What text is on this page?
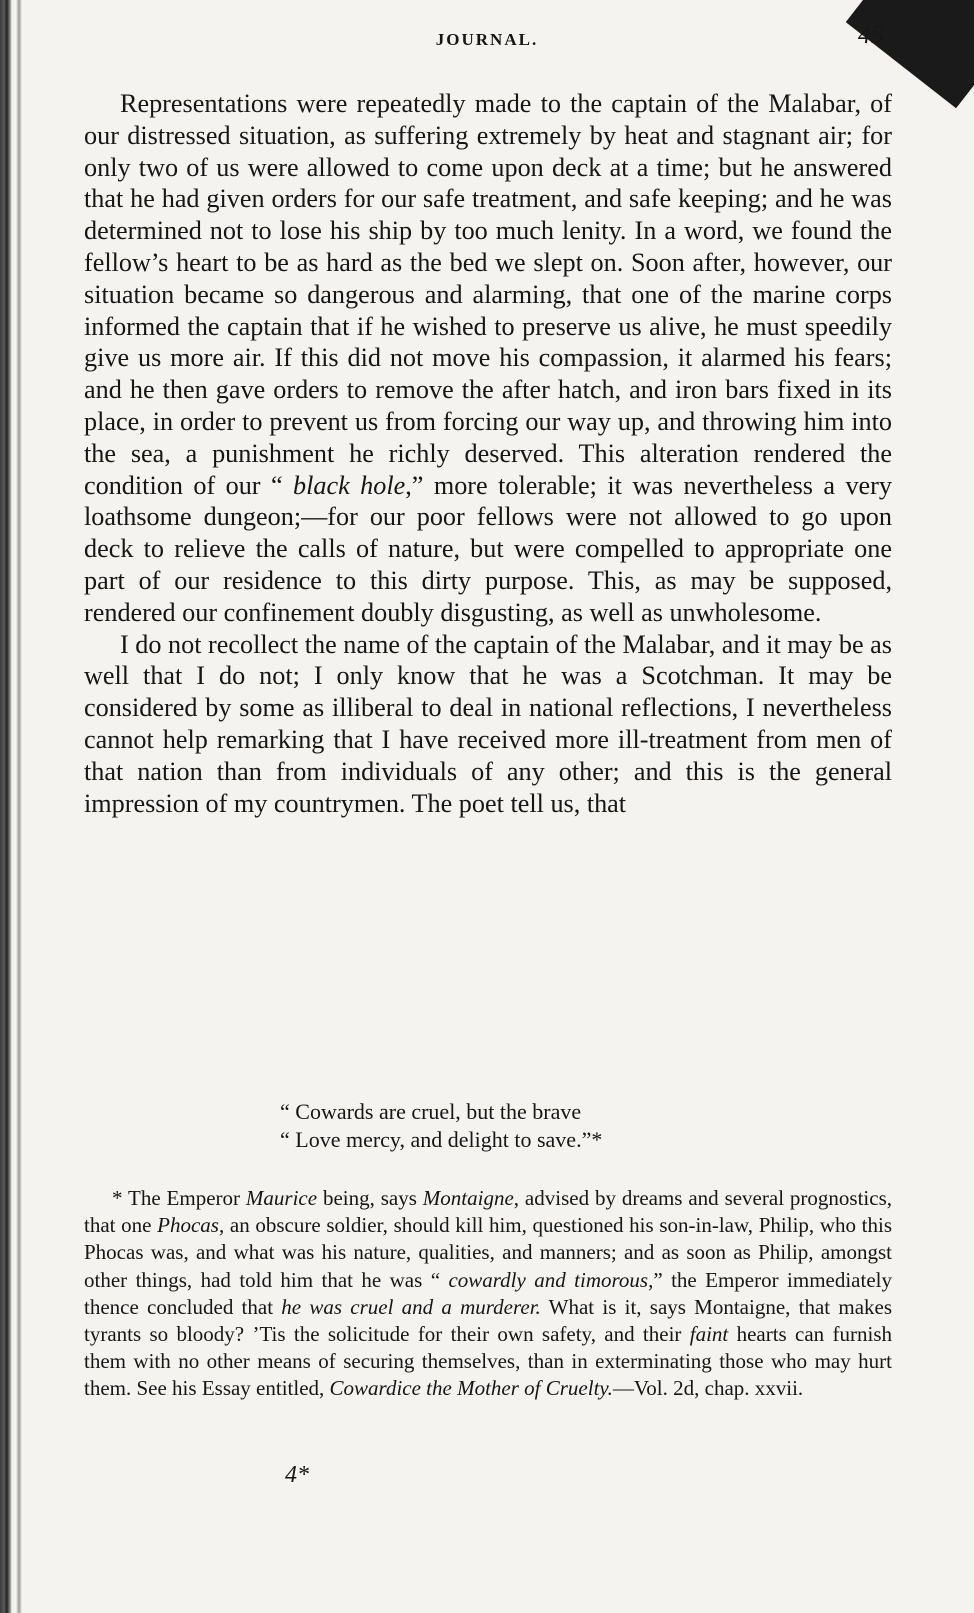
JOURNAL.	45

Representations were repeatedly made to the captain of the Malabar, of our distressed situation, as suffering extremely by heat and stagnant air; for only two of us were allowed to come upon deck at a time; but he answered that he had given orders for our safe treatment, and safe keeping; and he was determined not to lose his ship by too much lenity. In a word, we found the fellow’s heart to be as hard as the bed we slept on. Soon after, however, our situation became so dangerous and alarming, that one of the marine corps informed the captain that if he wished to preserve us alive, he must speedily give us more air. If this did not move his compassion, it alarmed his fears; and he then gave orders to remove the after hatch, and iron bars fixed in its place, in order to prevent us from forcing our way up, and throwing him into the sea, a punishment he richly deserved. This alteration rendered the condition of our “ black hole,” more tolerable; it was nevertheless a very loathsome dungeon;—for our poor fellows were not allowed to go upon deck to relieve the calls of nature, but were compelled to appropriate one part of our residence to this dirty purpose. This, as may be supposed, rendered our confinement doubly disgusting, as well as unwholesome.

I do not recollect the name of the captain of the Malabar, and it may be as well that I do not; I only know that he was a Scotchman. It may be considered by some as illiberal to deal in national reflections, I nevertheless cannot help remarking that I have received more ill-treatment from men of that nation than from individuals of any other; and this is the general impression of my countrymen. The poet tell us, that

“ Cowards are cruel, but the brave
“ Love mercy, and delight to save.”*

* The Emperor Maurice being, says Montaigne, advised by dreams and several prognostics, that one Phocas, an obscure soldier, should kill him, questioned his son-in-law, Philip, who this Phocas was, and what was his nature, qualities, and manners; and as soon as Philip, amongst other things, had told him that he was “ cowardly and timorous,” the Emperor immediately thence concluded that he was cruel and a murderer. What is it, says Montaigne, that makes tyrants so bloody? ’Tis the solicitude for their own safety, and their faint hearts can furnish them with no other means of securing themselves, than in exterminating those who may hurt them. See his Essay entitled, Cowardice the Mother of Cruelty.—Vol. 2d, chap. xxvii.

4*
